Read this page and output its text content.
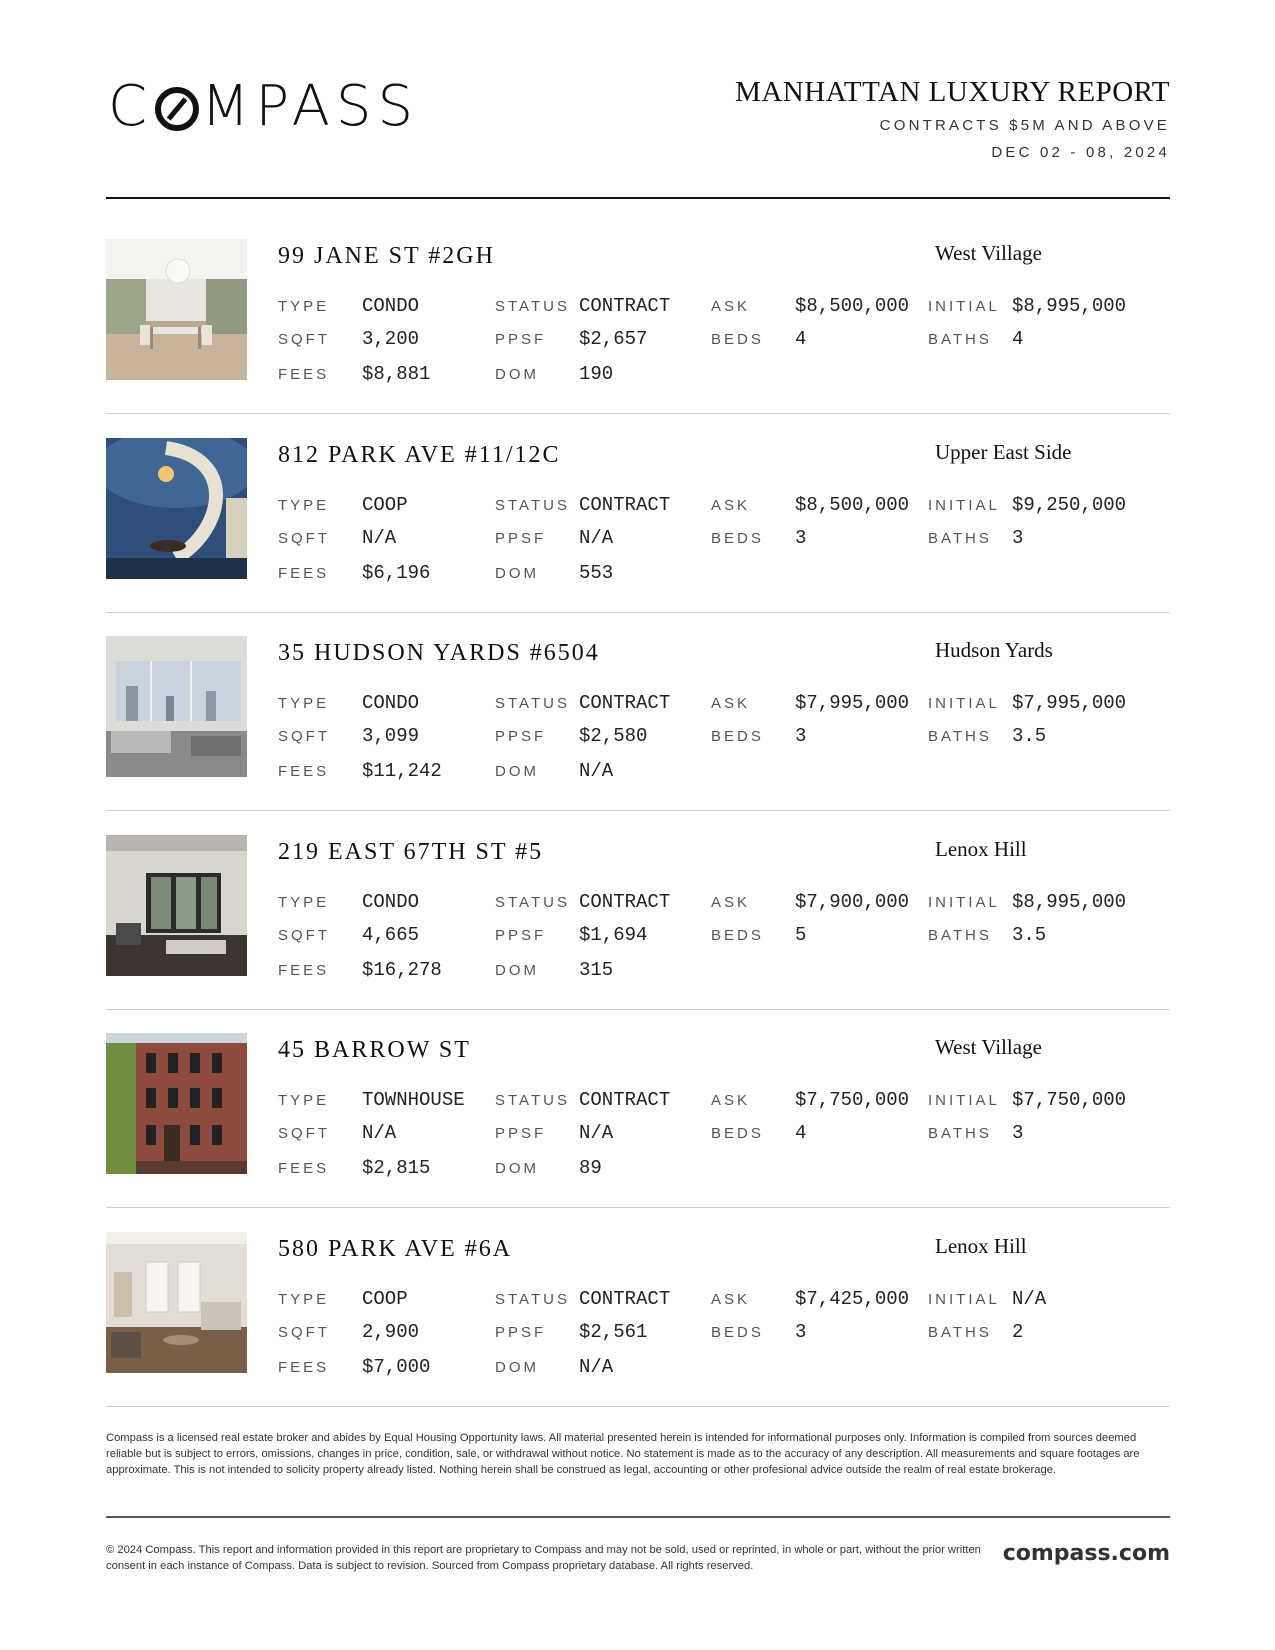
C MPASS	MANHATTAN LUXURY REPORT
CONTRACTS $5M AND ABOVE
DEC 02 - 08, 2024
99 JANE ST #2GH	West Village
TYPE CONDO	STATUS CONTRACT	ASK $8,500,000 INITIAL $8,995,000
SQFT 3,200	PPSF $2,657	BEDS 4	BATHS 4
FEES $8,881	DOM 190
812 PARK AVE #11/12C	Upper East Side
TYPE COOP	STATUS CONTRACT	ASK $8,500,000 INITIAL $9,250,000
SQFT N/A	PPSF N/A	BEDS 3	BATHS 3
FEES $6,196	DOM 553
35 HUDSON YARDS #6504	Hudson Yards
TYPE CONDO	STATUS CONTRACT	ASK $7,995,000 INITIAL $7,995,000
SQFT 3,099	PPSF $2,580	BEDS 3	BATHS 3.5
FEES $11,242	DOM N/A
219 EAST 67TH ST #5	Lenox Hill
TYPE CONDO	STATUS CONTRACT	ASK $7,900,000 INITIAL $8,995,000
SQFT 4,665	PPSF $1,694	BEDS 5	BATHS 3.5
FEES $16,278	DOM 315
45 BARROW ST	West Village
TYPE TOWNHOUSE STATUS CONTRACT	ASK $7,750,000 INITIAL $7,750,000
SQFT N/A	PPSF N/A	BEDS 4	BATHS 3
FEES $2,815	DOM 89
580 PARK AVE #6A	Lenox Hill
TYPE COOP	STATUS CONTRACT	ASK $7,425,000 INITIAL N/A
SQFT 2,900	PPSF $2,561	BEDS 3	BATHS 2
FEES $7,000	DOM N/A
Compass is a licensed real estate broker and abides by Equal Housing Opportunity laws. All material presented herein is intended for informational purposes only. Information is compiled from sources deemed reliable but is subject to errors, omissions, changes in price, condition, sale, or withdrawal without notice. No statement is made as to the accuracy of any description. All measurements and square footages are approximate. This is not intended to solicity property already listed. Nothing herein shall be construed as legal, accounting or other profesional advice outside the realm of real estate brokerage.
© 2024 Compass. This report and information provided in this report are proprietary to Compass and may not be sold, used or reprinted, in whole or part, without the prior written consent in each instance of Compass. Data is subject to revision. Sourced from Compass proprietary database. All rights reserved.	compass.com
